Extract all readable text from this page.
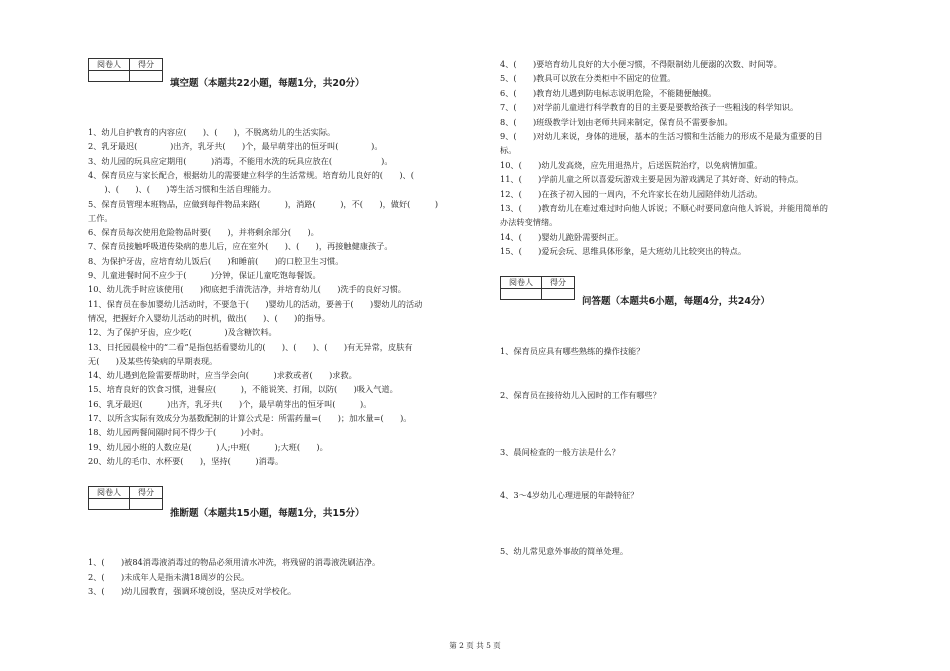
阅卷人	得分

填空题（本题共22小题，每题1分，共20分）
1、幼儿自护教育的内容应(　　)、(　　)，不脱离幼儿的生活实际。
2、乳牙最迟(　　　　)出齐，乳牙共(　　)个，最早萌芽出的恒牙叫(　　　　)。
3、幼儿园的玩具应定期用(　　　)消毒，不能用水洗的玩具应放在(　　　　　　)。
4、保育员应与家长配合，根据幼儿的需要建立科学的生活常规。培育幼儿良好的(　　)、(
　　)、(　　)、(　　)等生活习惯和生活自理能力。
5、保育员管理本班物品，应做到每件物品来路(　　　)，消路(　　　)，不(　　)，做好(　　　)
工作。
6、保育员每次使用危险物品时要(　　)，并将剩余部分(　　)。
7、保育员接触呼吸道传染病的患儿后，应在室外(　　)、(　　)，再接触健康孩子。
8、为保护牙齿，应培育幼儿饭后(　　)和睡前(　　)的口腔卫生习惯。
9、儿童进餐时间不应少于(　　　)分钟，保证儿童吃饱每餐饭。
10、幼儿洗手时应该使用(　　)彻底把手清洗洁净，并培育幼儿(　　)洗手的良好习惯。
11、保育员在参加婴幼儿活动时，不要急于(　　)婴幼儿的活动，要善于(　　)婴幼儿的活动
情况，把握好介入婴幼儿活动的时机，做出(　　)、(　　)的指导。
12、为了保护牙齿，应少吃(　　　　)及含糖饮料。
13、日托园晨检中的“二看”是指包括看婴幼儿的(　　)、(　　)、(　　)有无异常，皮肤有
无(　　)及某些传染病的早期表现。
14、幼儿遇到危险需要帮助时，应当学会向(　　　)求救或者(　　)求救。
15、培育良好的饮食习惯，进餐应(　　　)，不能说笑、打闹，以防(　　)吸入气道。
16、乳牙最迟(　　　)出齐，乳牙共(　　)个，最早萌芽出的恒牙叫(　　　)。
17、以所含实际有效成分为基数配制的计算公式是：所需药量=(　　)；加水量=(　　)。
18、幼儿园两餐间隔时间不得少于(　　　)小时。
19、幼儿园小班的人数应是(　　　)人;中班(　　　);大班(　　)。
20、幼儿的毛巾、水杯要(　　)，坚持(　　　)消毒。
阅卷人	得分

推断题（本题共15小题，每题1分，共15分）
1、(　　)被84消毒液消毒过的物品必须用清水冲洗，将残留的消毒液洗刷洁净。
2、(　　)未成年人是指未满18周岁的公民。
3、(　　)幼儿园教育，强调环境创设，坚决反对学校化。
4、(　　)要培育幼儿良好的大小便习惯，不得限制幼儿便溺的次数、时间等。
5、(　　)教具可以放在分类柜中不固定的位置。
6、(　　)教育幼儿遇到防电标志说明危险，不能随便触摸。
7、(　　)对学前儿童进行科学教育的目的主要是要教给孩子一些粗浅的科学知识。
8、(　　)班级教学计划由老师共同来制定，保育员不需要参加。
9、(　　)对幼儿来说，身体的进展，基本的生活习惯和生活能力的形成不是最为重要的目
标。
10、(　　)幼儿发高烧，应先用退热片，后送医院治疗，以免病情加重。
11、(　　)学前儿童之所以喜爱玩游戏主要是因为游戏满足了其好奇、好动的特点。
12、(　　)在孩子初入园的一周内，不允许家长在幼儿园陪伴幼儿活动。
13、(　　)教育幼儿在难过难过时向他人诉说；不顺心时要同意向他人诉说，并能用简单的
办法转变情绪。
14、(　　)婴幼儿跪卧需要纠正。
15、(　　)爱玩会玩、思维具体形象，是大班幼儿比较突出的特点。
阅卷人	得分

问答题（本题共6小题，每题4分，共24分）
1、保育员应具有哪些熟练的操作技能？
2、保育员在接待幼儿入园时的工作有哪些？
3、晨间检查的一般方法是什么？
4、3～4岁幼儿心理进展的年龄特征？
5、幼儿常见意外事故的简单处理。
第 2 页 共 5 页
